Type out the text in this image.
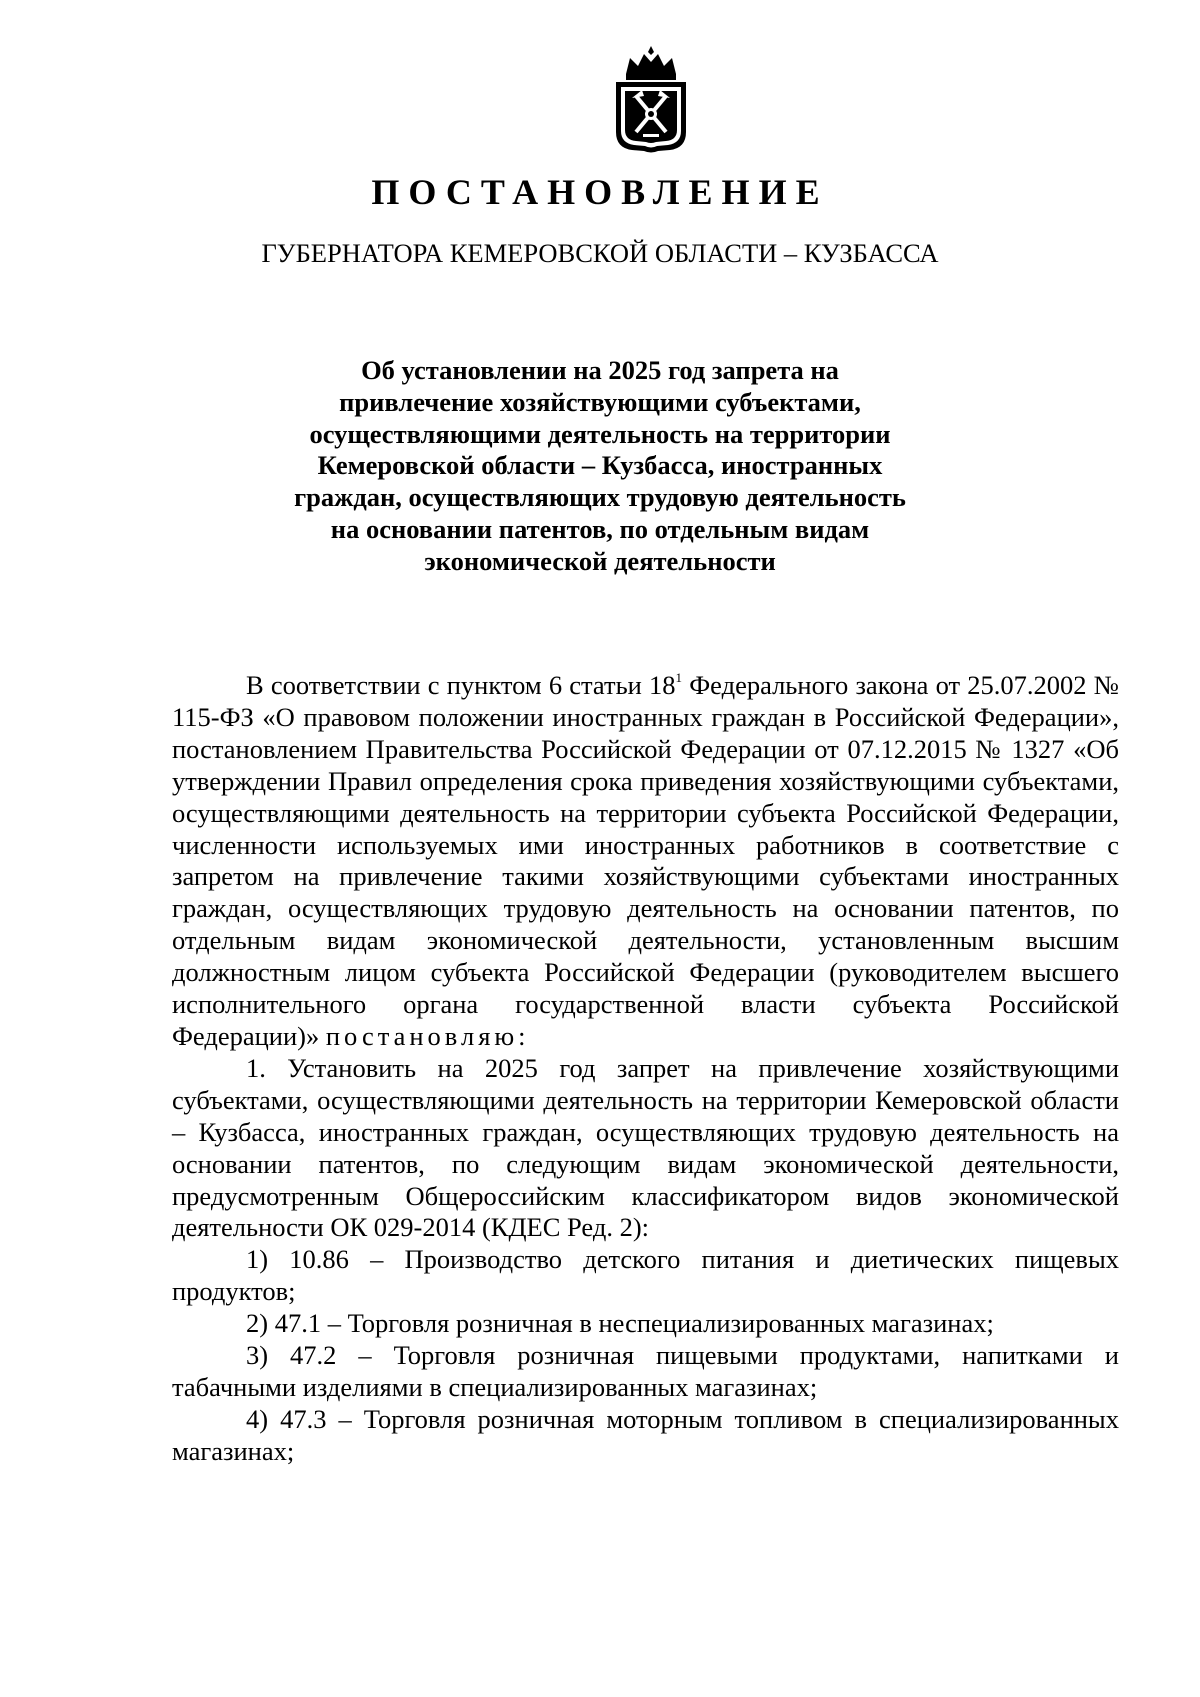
ПОСТАНОВЛЕНИЕ
ГУБЕРНАТОРА КЕМЕРОВСКОЙ ОБЛАСТИ – КУЗБАССА
Об установлении на 2025 год запрета на
привлечение хозяйствующими субъектами,
осуществляющими деятельность на территории
Кемеровской области – Кузбасса, иностранных
граждан, осуществляющих трудовую деятельность
на основании патентов, по отдельным видам
экономической деятельности

В соответствии с пунктом 6 статьи $18^1$ Федерального закона от 25.07.2002 № 115-ФЗ «О правовом положении иностранных граждан в Российской Федерации», постановлением Правительства Российской Федерации от 07.12.2015 № 1327 «Об утверждении Правил определения срока приведения хозяйствующими субъектами, осуществляющими деятельность на территории субъекта Российской Федерации, численности используемых ими иностранных работников в соответствие с запретом на привлечение такими хозяйствующими субъектами иностранных граждан, осуществляющих трудовую деятельность на основании патентов, по отдельным видам экономической деятельности, установленным высшим должностным лицом субъекта Российской Федерации (руководителем высшего исполнительного органа государственной власти субъекта Российской Федерации)» постановляю:

1. Установить на 2025 год запрет на привлечение хозяйствующими субъектами, осуществляющими деятельность на территории Кемеровской области – Кузбасса, иностранных граждан, осуществляющих трудовую деятельность на основании патентов, по следующим видам экономической деятельности, предусмотренным Общероссийским классификатором видов экономической деятельности ОК 029-2014 (КДЕС Ред. 2):

1) 10.86 – Производство детского питания и диетических пищевых продуктов;

2) 47.1 – Торговля розничная в неспециализированных магазинах;

3) 47.2 – Торговля розничная пищевыми продуктами, напитками и табачными изделиями в специализированных магазинах;

4) 47.3 – Торговля розничная моторным топливом в специализированных магазинах;
